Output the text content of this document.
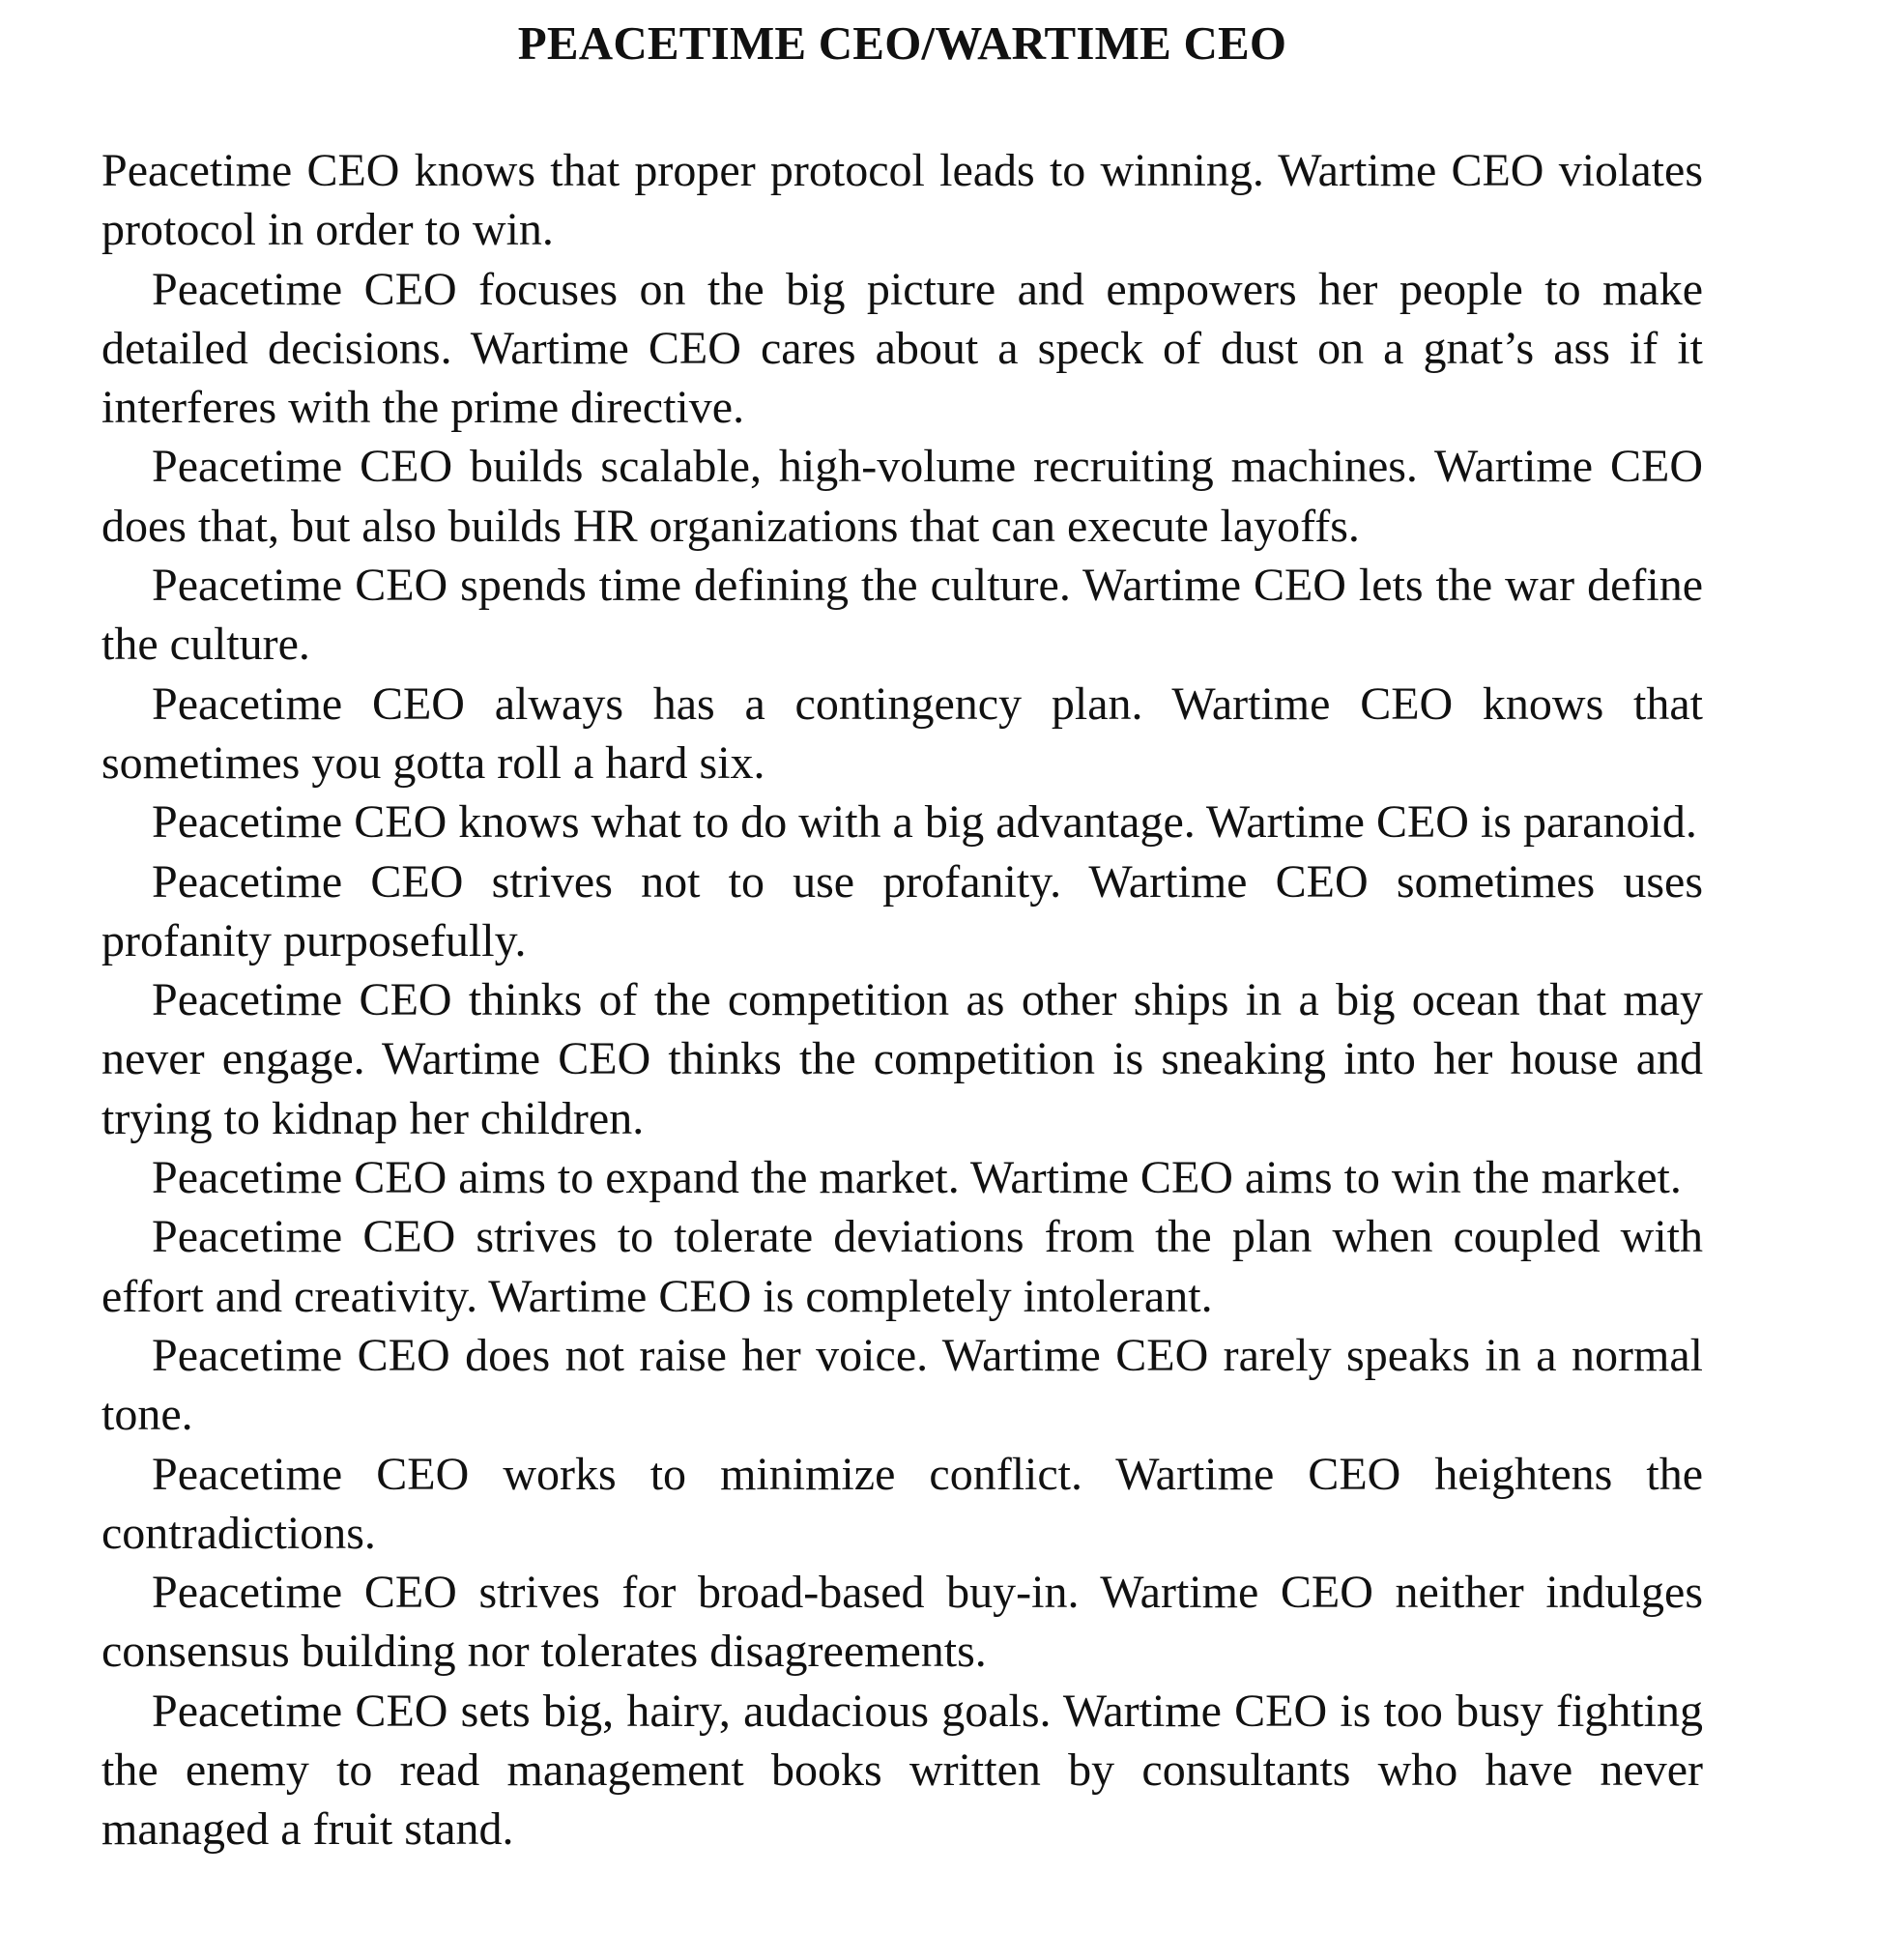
PEACETIME CEO/WARTIME CEO

Peacetime CEO knows that proper protocol leads to winning. Wartime CEO violates protocol in order to win.

Peacetime CEO focuses on the big picture and empowers her people to make detailed decisions. Wartime CEO cares about a speck of dust on a gnat’s ass if it interferes with the prime directive.

Peacetime CEO builds scalable, high-volume recruiting machines. Wartime CEO does that, but also builds HR organizations that can execute layoffs.

Peacetime CEO spends time defining the culture. Wartime CEO lets the war define the culture.

Peacetime CEO always has a contingency plan. Wartime CEO knows that sometimes you gotta roll a hard six.

Peacetime CEO knows what to do with a big advantage. Wartime CEO is paranoid.

Peacetime CEO strives not to use profanity. Wartime CEO sometimes uses profanity purposefully.

Peacetime CEO thinks of the competition as other ships in a big ocean that may never engage. Wartime CEO thinks the competition is sneaking into her house and trying to kidnap her children.

Peacetime CEO aims to expand the market. Wartime CEO aims to win the market.

Peacetime CEO strives to tolerate deviations from the plan when coupled with effort and creativity. Wartime CEO is completely intolerant.

Peacetime CEO does not raise her voice. Wartime CEO rarely speaks in a normal tone.

Peacetime CEO works to minimize conflict. Wartime CEO heightens the contradictions.

Peacetime CEO strives for broad-based buy-in. Wartime CEO neither indulges consensus building nor tolerates disagreements.

Peacetime CEO sets big, hairy, audacious goals. Wartime CEO is too busy fighting the enemy to read management books written by consultants who have never managed a fruit stand.
